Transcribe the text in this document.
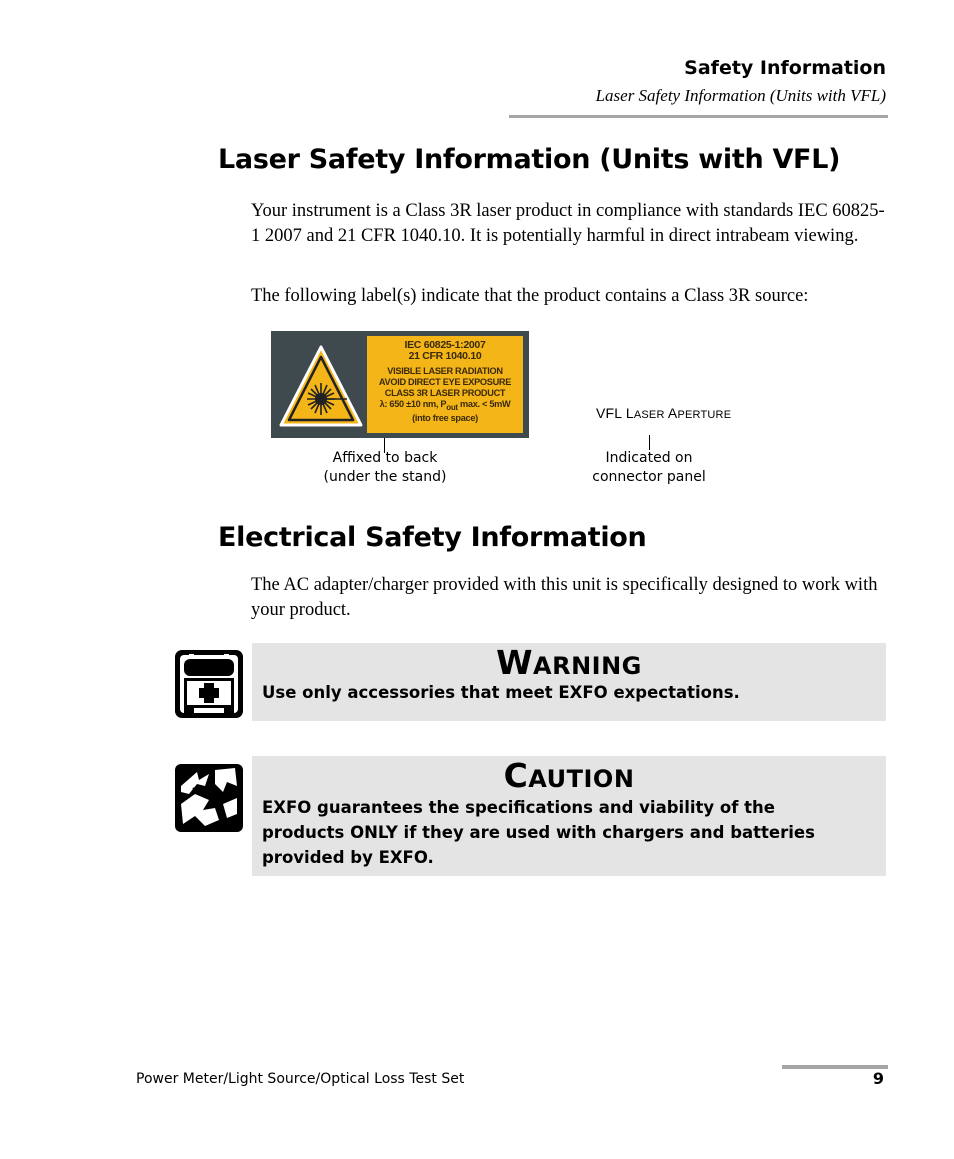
Safety Information
Laser Safety Information (Units with VFL)
Laser Safety Information (Units with VFL)

Your instrument is a Class 3R laser product in compliance with standards IEC 60825-1 2007 and 21 CFR 1040.10. It is potentially harmful in direct intrabeam viewing.

The following label(s) indicate that the product contains a Class 3R source:

IEC 60825-1:2007
21 CFR 1040.10
VISIBLE LASER RADIATION
AVOID DIRECT EYE EXPOSURE
CLASS 3R LASER PRODUCT
λ: 650 ±10 nm, $P_{out}$ max. < 5mW
(into free space)
Affixed to back
(under the stand)
VFL LASER APERTURE
Indicated on
connector panel
Electrical Safety Information

The AC adapter/charger provided with this unit is specifically designed to work with your product.

WARNING
Use only accessories that meet EXFO expectations.
CAUTION
EXFO guarantees the specifications and viability of the products ONLY if they are used with chargers and batteries provided by EXFO.
Power Meter/Light Source/Optical Loss Test Set	9
